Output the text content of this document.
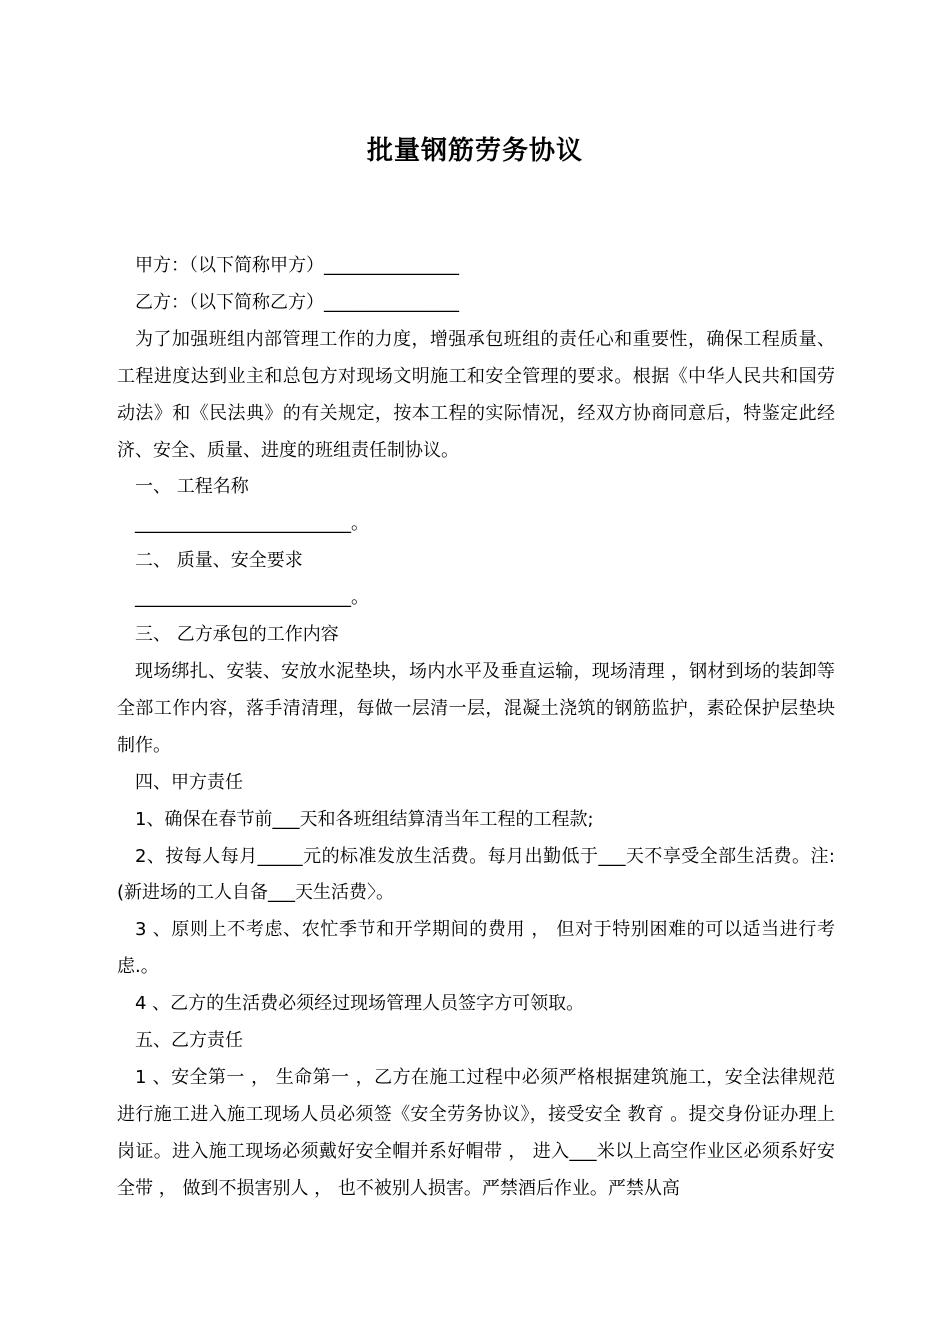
批量钢筋劳务协议

甲方：（以下简称甲方）_______________

乙方：（以下简称乙方）_______________

为了加强班组内部管理工作的力度，增强承包班组的责任心和重要性，确保工程质量、工程进度达到业主和总包方对现场文明施工和安全管理的要求。根据《中华人民共和国劳动法》和《民法典》的有关规定，按本工程的实际情况，经双方协商同意后，特鉴定此经济、安全、质量、进度的班组责任制协议。

一、 工程名称

________________________。

二、 质量、安全要求

________________________。

三、 乙方承包的工作内容

现场绑扎、安装、安放水泥垫块，场内水平及垂直运输，现场清理 ，钢材到场的装卸等全部工作内容，落手清清理，每做一层清一层，混凝土浇筑的钢筋监护，素砼保护层垫块制作。

四、甲方责任

1、确保在春节前___天和各班组结算清当年工程的工程款;

2、按每人每月_____元的标准发放生活费。每月出勤低于___天不享受全部生活费。注:(新进场的工人自备___天生活费〉。

3 、原则上不考虑、农忙季节和开学期间的费用 ， 但对于特别困难的可以适当进行考虑.。

4 、乙方的生活费必须经过现场管理人员签字方可领取。

五、乙方责任

1 、安全第一 ， 生命第一 ，乙方在施工过程中必须严格根据建筑施工，安全法律规范进行施工进入施工现场人员必须签《安全劳务协议》，接受安全 教育 。提交身份证办理上岗证。进入施工现场必须戴好安全帽并系好帽带 ， 进入___米以上高空作业区必须系好安全带 ， 做到不损害别人 ， 也不被别人损害。严禁酒后作业。严禁从高
